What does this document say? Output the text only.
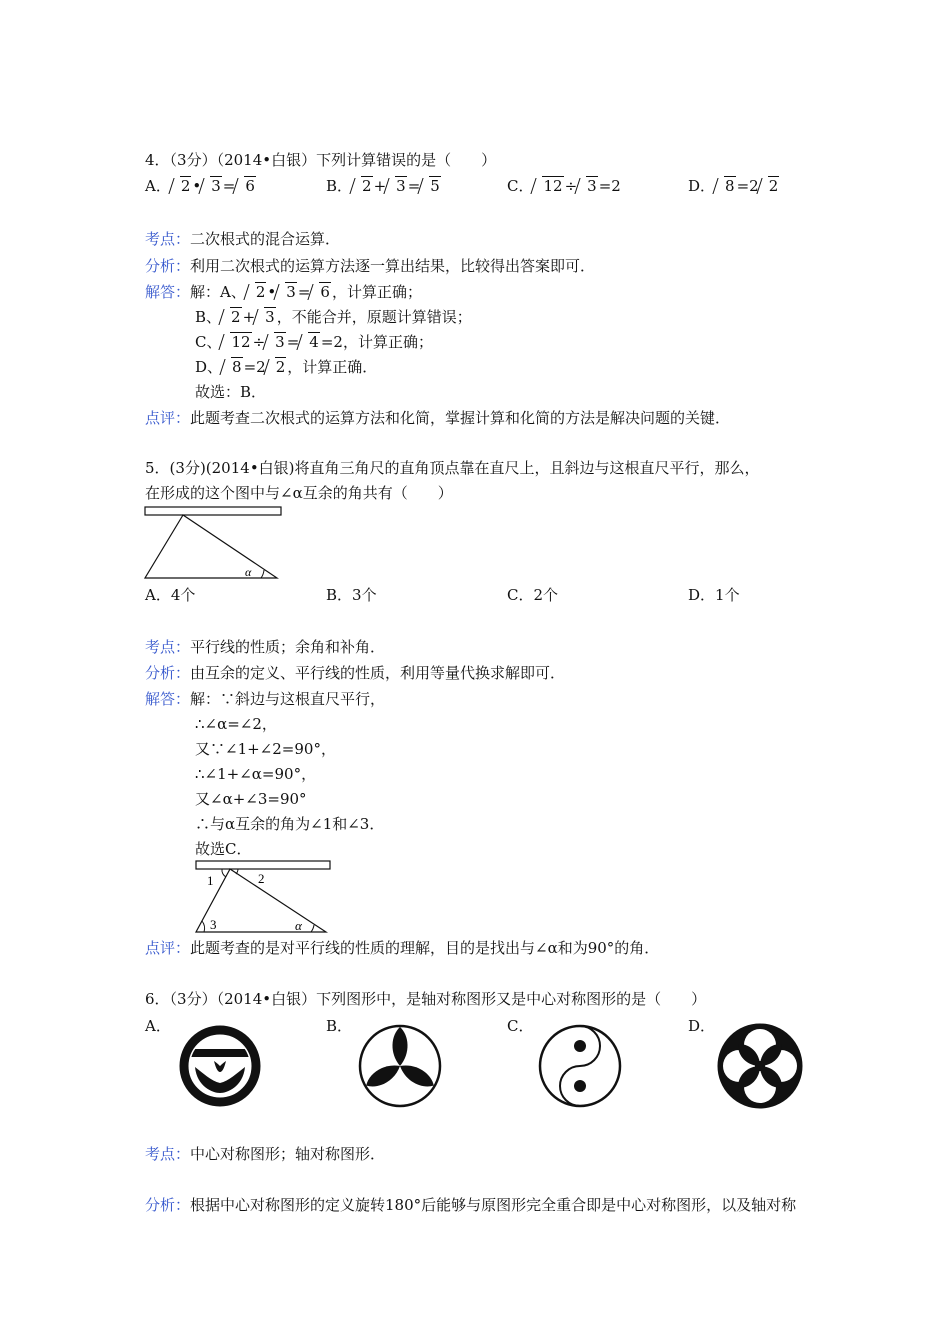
4．（3分）（2014•白银）下列计算错误的是（　　）
A． 2 • 3 = 6	B． 2 + 3 = 5	C． 12 ÷ 3 =2	D． 8 =2 2
考点：二次根式的混合运算．
分析：利用二次根式的运算方法逐一算出结果，比较得出答案即可．
解答：解：A、 2 • 3 = 6 ，计算正确；
B、 2 + 3 ，不能合并，原题计算错误；
C、 12 ÷ 3 = 4 =2，计算正确；
D、 8 =2 2 ，计算正确．
故选：B．
点评：此题考查二次根式的运算方法和化简，掌握计算和化简的方法是解决问题的关键．
5．(3分)(2014•白银)将直角三角尺的直角顶点靠在直尺上，且斜边与这根直尺平行，那么，
在形成的这个图中与∠α互余的角共有（　　）
α
A．4个	B．3个	C．2个	D．1个
考点：平行线的性质；余角和补角．
分析：由互余的定义、平行线的性质，利用等量代换求解即可．
解答：解：∵斜边与这根直尺平行，
∴∠α=∠2，
又∵∠1+∠2=90°，
∴∠1+∠α=90°，
又∠α+∠3=90°
∴与α互余的角为∠1和∠3．
故选C．
1	2
3	α
点评：此题考查的是对平行线的性质的理解，目的是找出与∠α和为90°的角．
6．（3分）（2014•白银）下列图形中，是轴对称图形又是中心对称图形的是（　　）
A．	B．	C．	D．
考点：中心对称图形；轴对称图形．
分析：根据中心对称图形的定义旋转180°后能够与原图形完全重合即是中心对称图形，以及轴对称
